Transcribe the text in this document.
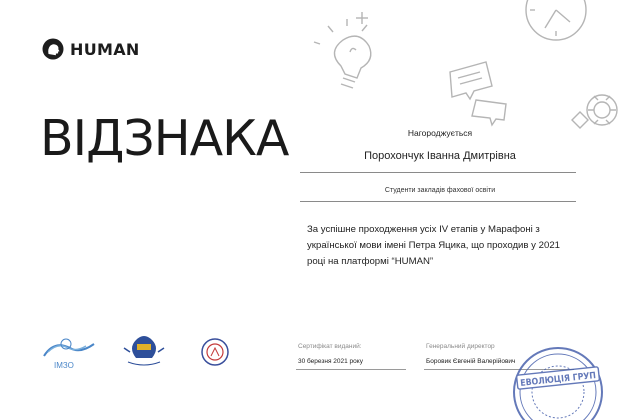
HUMAN
ВІДЗНАКА	Нагороджується
Порохончук Іванна Дмитрівна
Студенти закладів фахової освіти
За успішне проходження усіх IV етапів у Марафоні з української мови імені Петра Яцика, що проходив у 2021 році на платформі “HUMAN”
ІМЗО
Сертифікат виданий:
30 березня 2021 року
Генеральний директор
Боровик Євгеній Валерійович
ЕВОЛЮЦІЯ ГРУП
